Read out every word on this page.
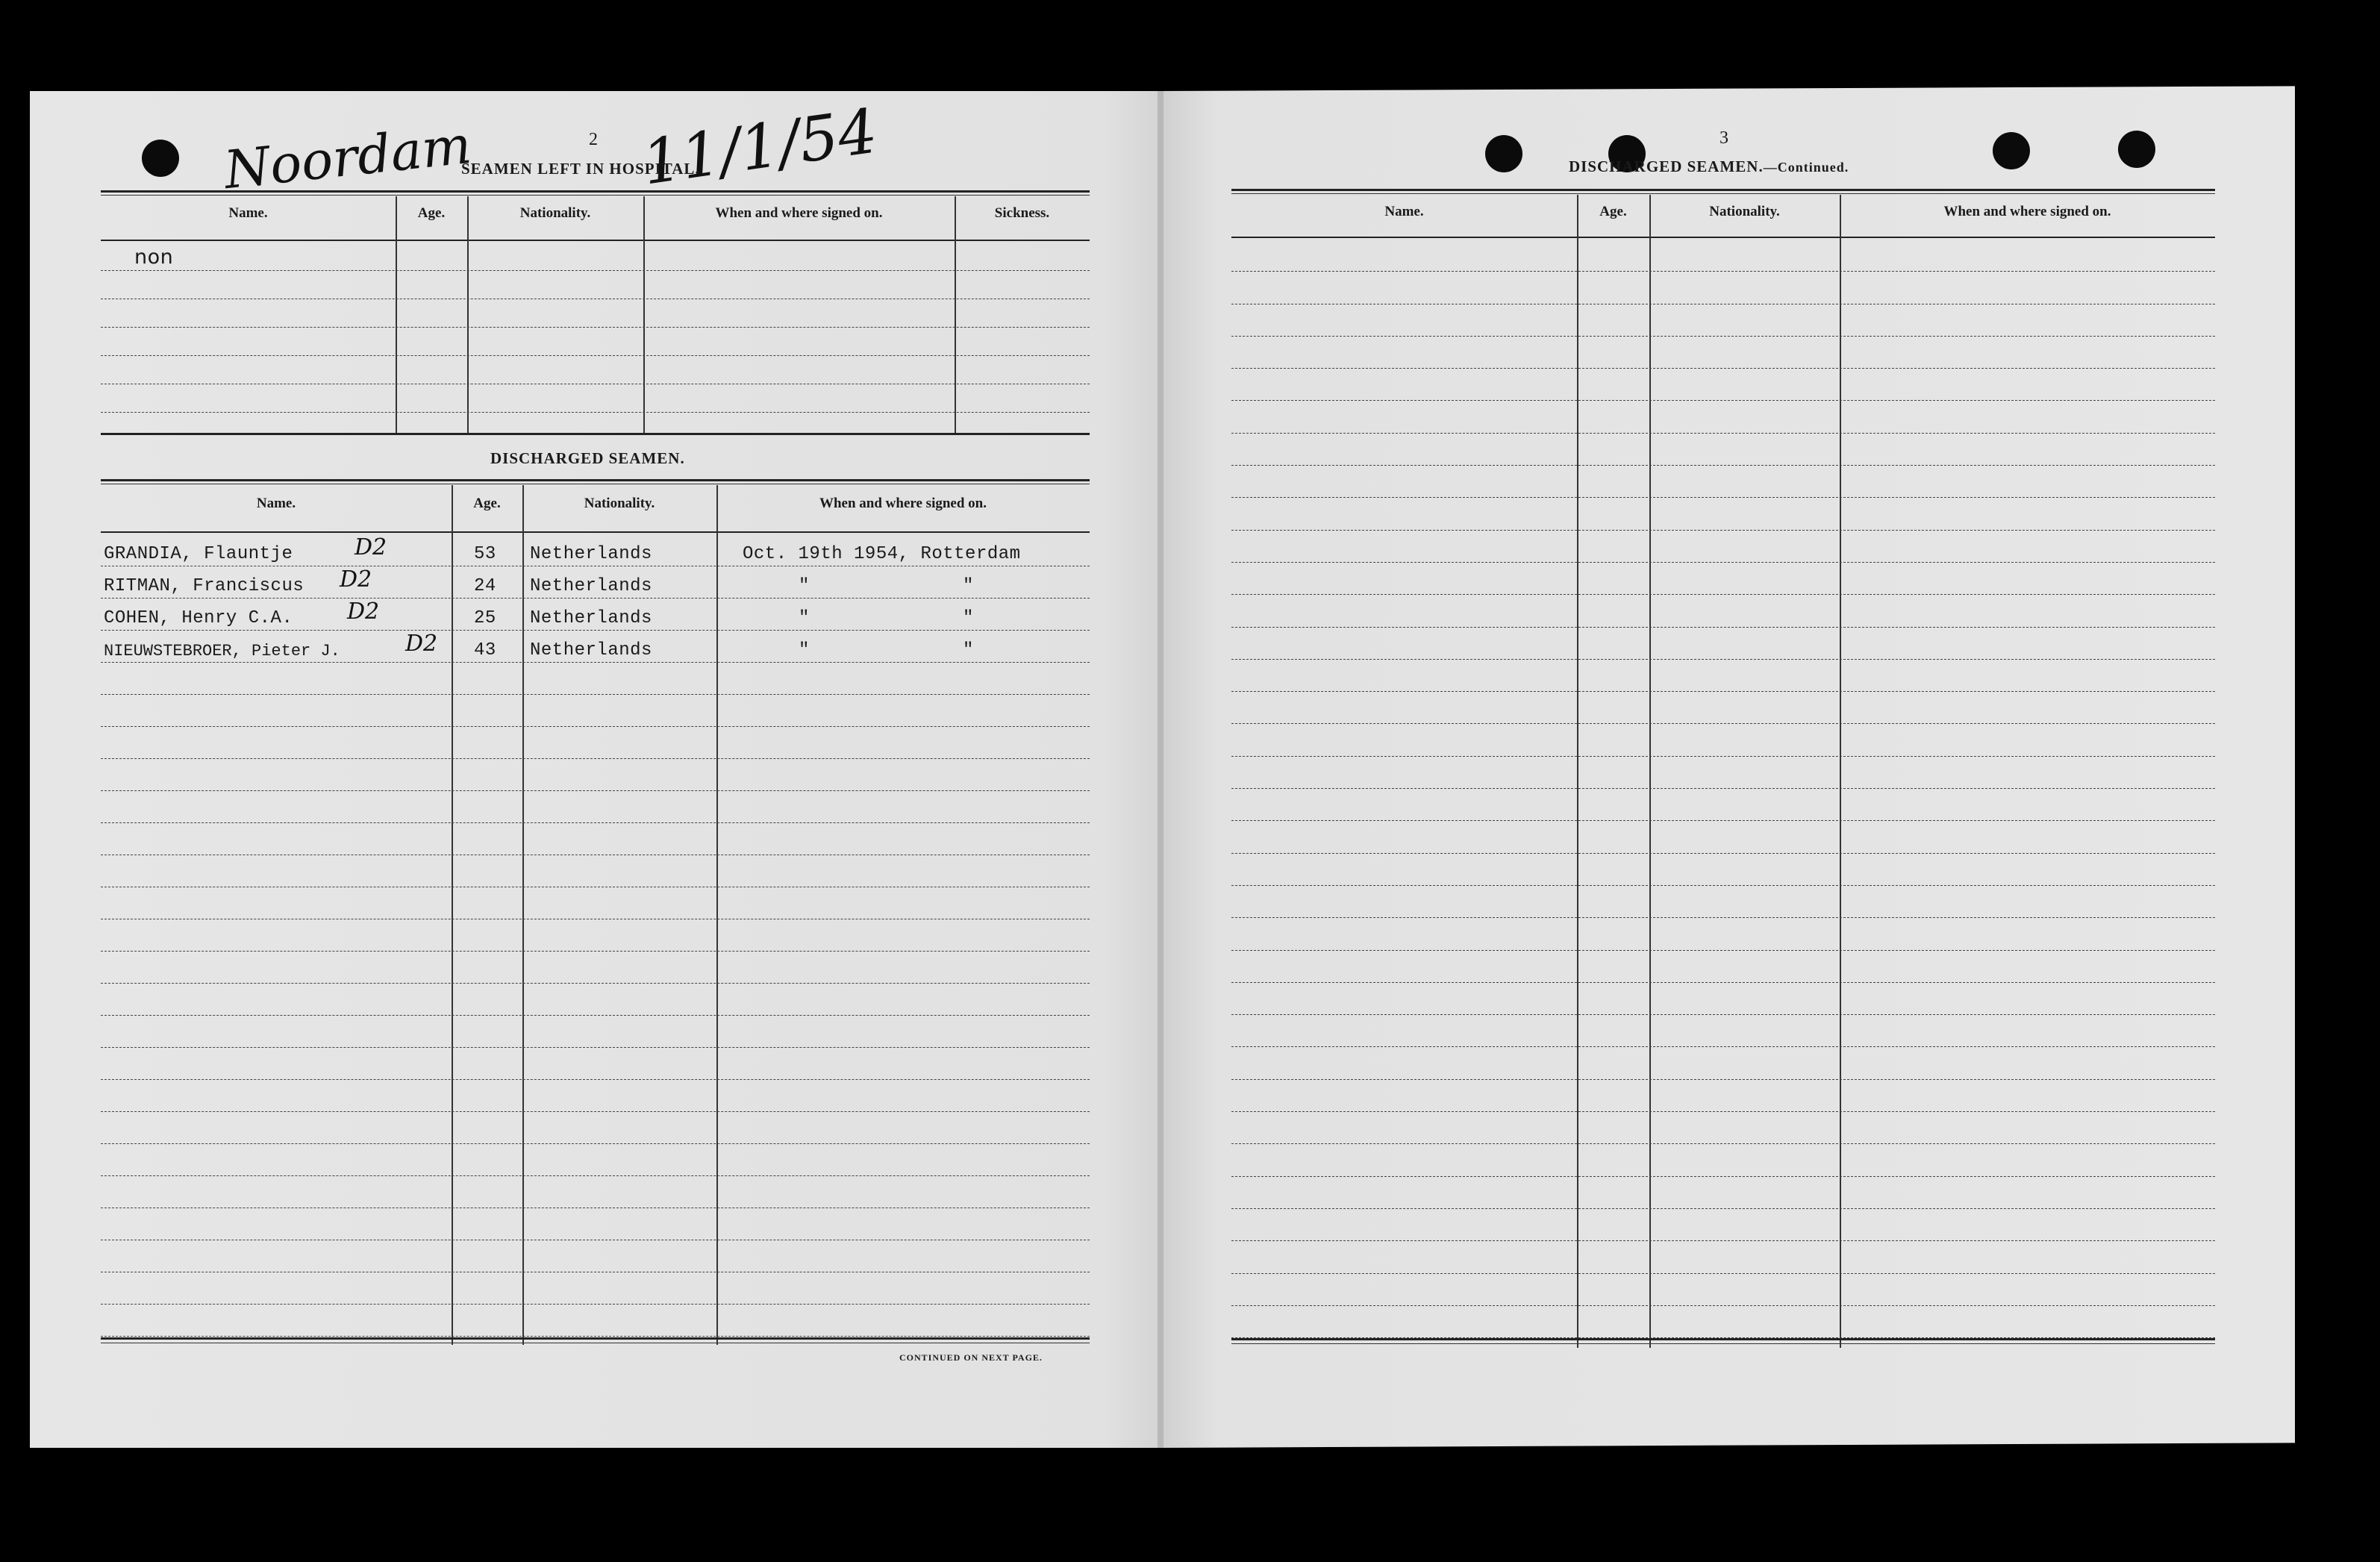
2
Noordam	11/1/54
SEAMEN LEFT IN HOSPITAL.
Name.	Age.	Nationality.	When and where signed on.	Sickness.
non
DISCHARGED SEAMEN.
Name.	Age.	Nationality.	When and where signed on.
GRANDIA, Flauntje	D2	53 Netherlands	Oct. 19th 1954, Rotterdam
RITMAN, Franciscus D2	24 Netherlands	"	"
COHEN, Henry C.A. D2	25 Netherlands	"	"
NIEUWSTEBROER, Pieter J.	D2 43 Netherlands	"	"
CONTINUED ON NEXT PAGE.
3
DISCHARGED SEAMEN.—Continued.
Name.	Age.	Nationality.	When and where signed on.
